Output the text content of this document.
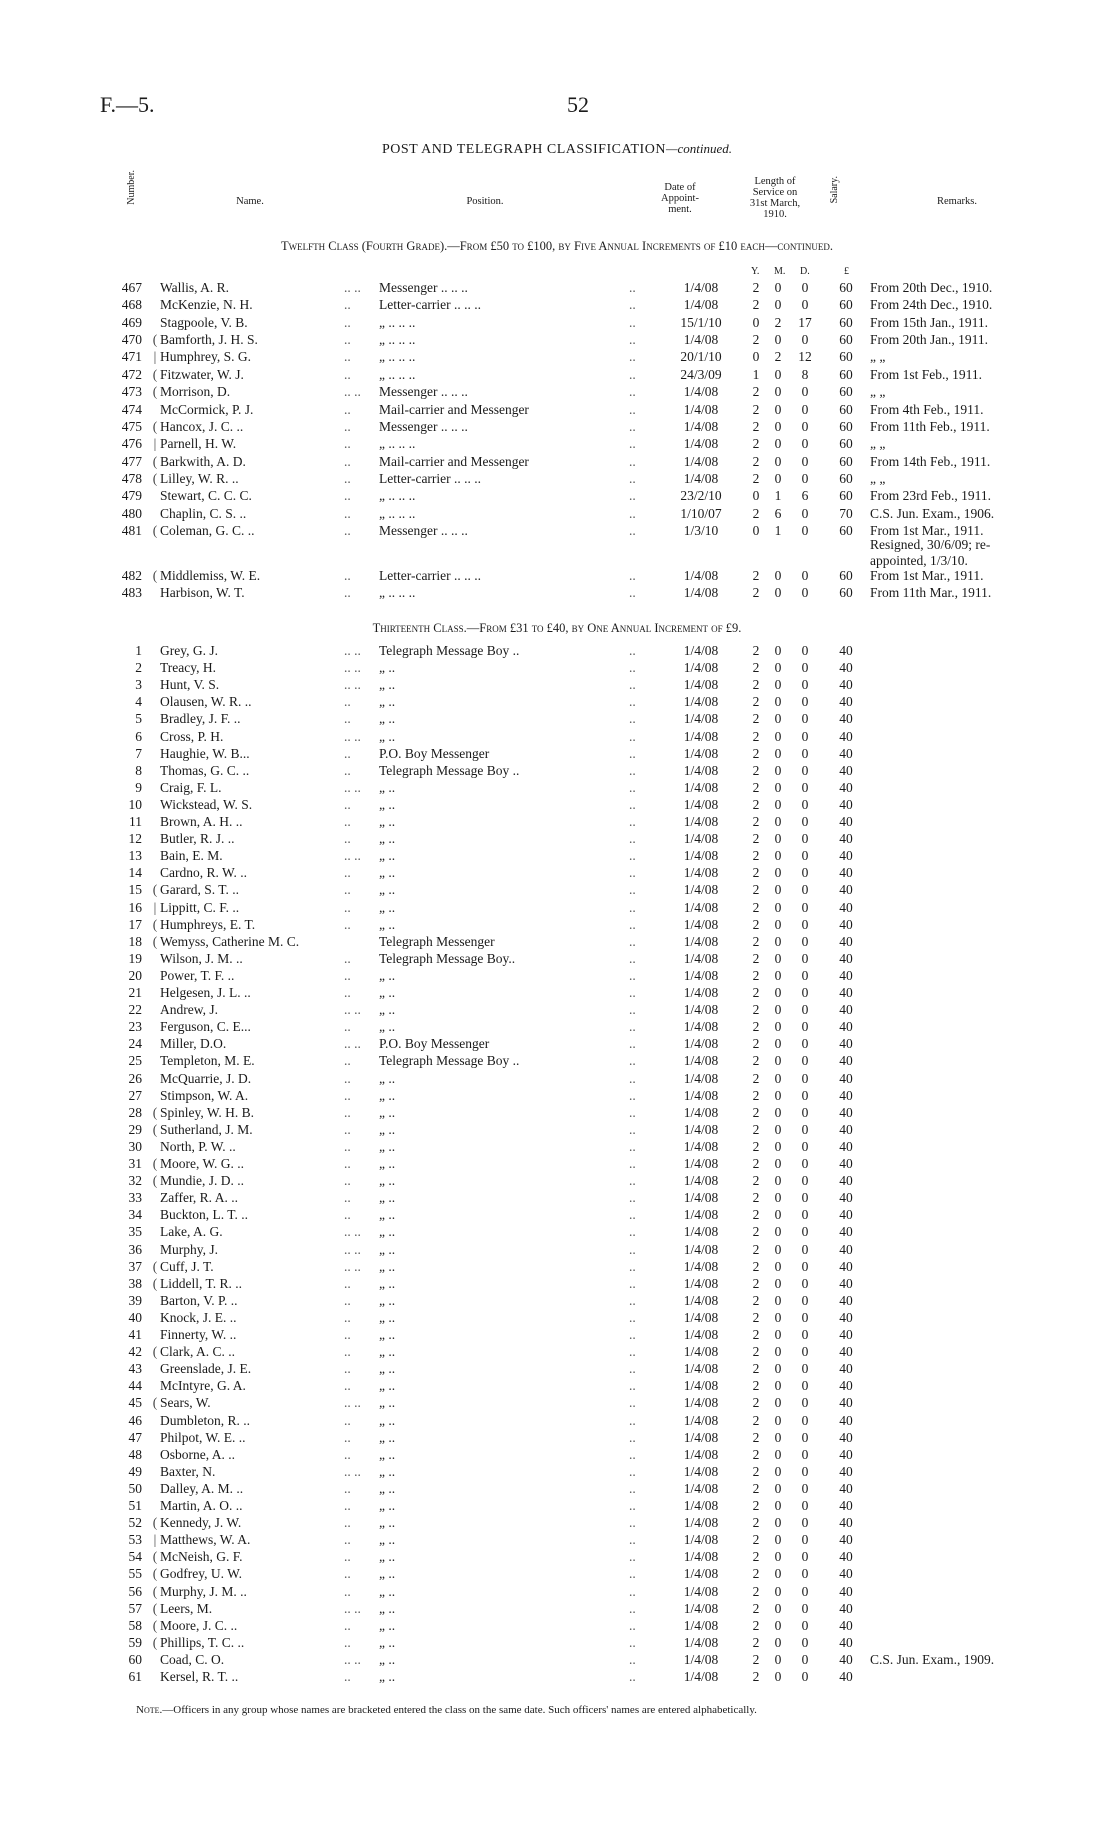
F.—5.	52
POST AND TELEGRAPH CLASSIFICATION—continued.
Number.	Name.	Position.
Date of
Appoint-
ment.
Length of
Service on
31st March,
1910.
Salary.	Remarks.
Twelfth Class (Fourth Grade).—From £50 to £100, by Five Annual Increments of £10 each—continued.
Y. M. D.	£
467 Wallis, A. R.	.. .. Messenger .. .. ..	..	1/4/08	2	0	0	60	From 20th Dec., 1910.
468 McKenzie, N. H.	.. Letter-carrier .. .. ..	..	1/4/08	2	0	0	60	From 24th Dec., 1910.
469 Stagpoole, V. B.	.. „ .. .. ..	..	15/1/10	0	2	17	60	From 15th Jan., 1911.
470 ( Bamforth, J. H. S.	.. „ .. .. ..	..	1/4/08	2	0	0	60	From 20th Jan., 1911.
471 | Humphrey, S. G.	.. „ .. .. ..	..	20/1/10	0	2	12	60	„ „
472 ( Fitzwater, W. J.	.. „ .. .. ..	..	24/3/09	1	0	8	60	From 1st Feb., 1911.
473 ( Morrison, D.	.. .. Messenger .. .. ..	..	1/4/08	2	0	0	60	„ „
474 McCormick, P. J.	.. Mail-carrier and Messenger	..	1/4/08	2	0	0	60	From 4th Feb., 1911.
475 ( Hancox, J. C. ..	.. Messenger .. .. ..	..	1/4/08	2	0	0	60	From 11th Feb., 1911.
476 | Parnell, H. W.	.. „ .. .. ..	..	1/4/08	2	0	0	60	„ „
477 ( Barkwith, A. D.	.. Mail-carrier and Messenger	..	1/4/08	2	0	0	60	From 14th Feb., 1911.
478 ( Lilley, W. R. ..	.. Letter-carrier .. .. ..	..	1/4/08	2	0	0	60	„ „
479 Stewart, C. C. C.	.. „ .. .. ..	..	23/2/10	0	1	6	60	From 23rd Feb., 1911.
480 Chaplin, C. S. ..	.. „ .. .. ..	..	1/10/07	2	6	0	70	C.S. Jun. Exam., 1906.
481 ( Coleman, G. C. ..	.. Messenger .. .. ..	..	1/3/10	0	1	0	60	From 1st Mar., 1911.
Resigned, 30/6/09; re-
appointed, 1/3/10.
482 ( Middlemiss, W. E.	.. Letter-carrier .. .. ..	..	1/4/08	2	0	0	60	From 1st Mar., 1911.
483 Harbison, W. T.	.. „ .. .. ..	..	1/4/08	2	0	0	60	From 11th Mar., 1911.
Thirteenth Class.—From £31 to £40, by One Annual Increment of £9.
1 Grey, G. J.	.. .. Telegraph Message Boy ..	..	1/4/08	2	0	0	40
2 Treacy, H.	.. .. „ ..	..	1/4/08	2	0	0	40
3 Hunt, V. S.	.. .. „ ..	..	1/4/08	2	0	0	40
4 Olausen, W. R. ..	.. „ ..	..	1/4/08	2	0	0	40
5 Bradley, J. F. ..	.. „ ..	..	1/4/08	2	0	0	40
6 Cross, P. H.	.. .. „ ..	..	1/4/08	2	0	0	40
7 Haughie, W. B...	.. P.O. Boy Messenger	..	1/4/08	2	0	0	40
8 Thomas, G. C. ..	.. Telegraph Message Boy ..	..	1/4/08	2	0	0	40
9 Craig, F. L.	.. .. „ ..	..	1/4/08	2	0	0	40
10 Wickstead, W. S.	.. „ ..	..	1/4/08	2	0	0	40
11 Brown, A. H. ..	.. „ ..	..	1/4/08	2	0	0	40
12 Butler, R. J. ..	.. „ ..	..	1/4/08	2	0	0	40
13 Bain, E. M.	.. .. „ ..	..	1/4/08	2	0	0	40
14 Cardno, R. W. ..	.. „ ..	..	1/4/08	2	0	0	40
15 ( Garard, S. T. ..	.. „ ..	..	1/4/08	2	0	0	40
16 | Lippitt, C. F. ..	.. „ ..	..	1/4/08	2	0	0	40
17 ( Humphreys, E. T.	.. „ ..	..	1/4/08	2	0	0	40
18 ( Wemyss, Catherine M. C.	Telegraph Messenger	..	1/4/08	2	0	0	40
19 Wilson, J. M. ..	.. Telegraph Message Boy..	..	1/4/08	2	0	0	40
20 Power, T. F. ..	.. „ ..	..	1/4/08	2	0	0	40
21 Helgesen, J. L. ..	.. „ ..	..	1/4/08	2	0	0	40
22 Andrew, J.	.. .. „ ..	..	1/4/08	2	0	0	40
23 Ferguson, C. E...	.. „ ..	..	1/4/08	2	0	0	40
24 Miller, D.O.	.. .. P.O. Boy Messenger	..	1/4/08	2	0	0	40
25 Templeton, M. E.	.. Telegraph Message Boy ..	..	1/4/08	2	0	0	40
26 McQuarrie, J. D.	.. „ ..	..	1/4/08	2	0	0	40
27 Stimpson, W. A.	.. „ ..	..	1/4/08	2	0	0	40
28 ( Spinley, W. H. B.	.. „ ..	..	1/4/08	2	0	0	40
29 ( Sutherland, J. M.	.. „ ..	..	1/4/08	2	0	0	40
30 North, P. W. ..	.. „ ..	..	1/4/08	2	0	0	40
31 ( Moore, W. G. ..	.. „ ..	..	1/4/08	2	0	0	40
32 ( Mundie, J. D. ..	.. „ ..	..	1/4/08	2	0	0	40
33 Zaffer, R. A. ..	.. „ ..	..	1/4/08	2	0	0	40
34 Buckton, L. T. ..	.. „ ..	..	1/4/08	2	0	0	40
35 Lake, A. G.	.. .. „ ..	..	1/4/08	2	0	0	40
36 Murphy, J.	.. .. „ ..	..	1/4/08	2	0	0	40
37 ( Cuff, J. T.	.. .. „ ..	..	1/4/08	2	0	0	40
38 ( Liddell, T. R. ..	.. „ ..	..	1/4/08	2	0	0	40
39 Barton, V. P. ..	.. „ ..	..	1/4/08	2	0	0	40
40 Knock, J. E. ..	.. „ ..	..	1/4/08	2	0	0	40
41 Finnerty, W. ..	.. „ ..	..	1/4/08	2	0	0	40
42 ( Clark, A. C. ..	.. „ ..	..	1/4/08	2	0	0	40
43 Greenslade, J. E.	.. „ ..	..	1/4/08	2	0	0	40
44 McIntyre, G. A.	.. „ ..	..	1/4/08	2	0	0	40
45 ( Sears, W.	.. .. „ ..	..	1/4/08	2	0	0	40
46 Dumbleton, R. ..	.. „ ..	..	1/4/08	2	0	0	40
47 Philpot, W. E. ..	.. „ ..	..	1/4/08	2	0	0	40
48 Osborne, A. ..	.. „ ..	..	1/4/08	2	0	0	40
49 Baxter, N.	.. .. „ ..	..	1/4/08	2	0	0	40
50 Dalley, A. M. ..	.. „ ..	..	1/4/08	2	0	0	40
51 Martin, A. O. ..	.. „ ..	..	1/4/08	2	0	0	40
52 ( Kennedy, J. W.	.. „ ..	..	1/4/08	2	0	0	40
53 | Matthews, W. A.	.. „ ..	..	1/4/08	2	0	0	40
54 ( McNeish, G. F.	.. „ ..	..	1/4/08	2	0	0	40
55 ( Godfrey, U. W.	.. „ ..	..	1/4/08	2	0	0	40
56 ( Murphy, J. M. ..	.. „ ..	..	1/4/08	2	0	0	40
57 ( Leers, M.	.. .. „ ..	..	1/4/08	2	0	0	40
58 ( Moore, J. C. ..	.. „ ..	..	1/4/08	2	0	0	40
59 ( Phillips, T. C. ..	.. „ ..	..	1/4/08	2	0	0	40
60 Coad, C. O.	.. .. „ ..	..	1/4/08	2	0	0	40	C.S. Jun. Exam., 1909.
61 Kersel, R. T. ..	.. „ ..	..	1/4/08	2	0	0	40
Note.—Officers in any group whose names are bracketed entered the class on the same date. Such officers' names are entered alphabetically.
